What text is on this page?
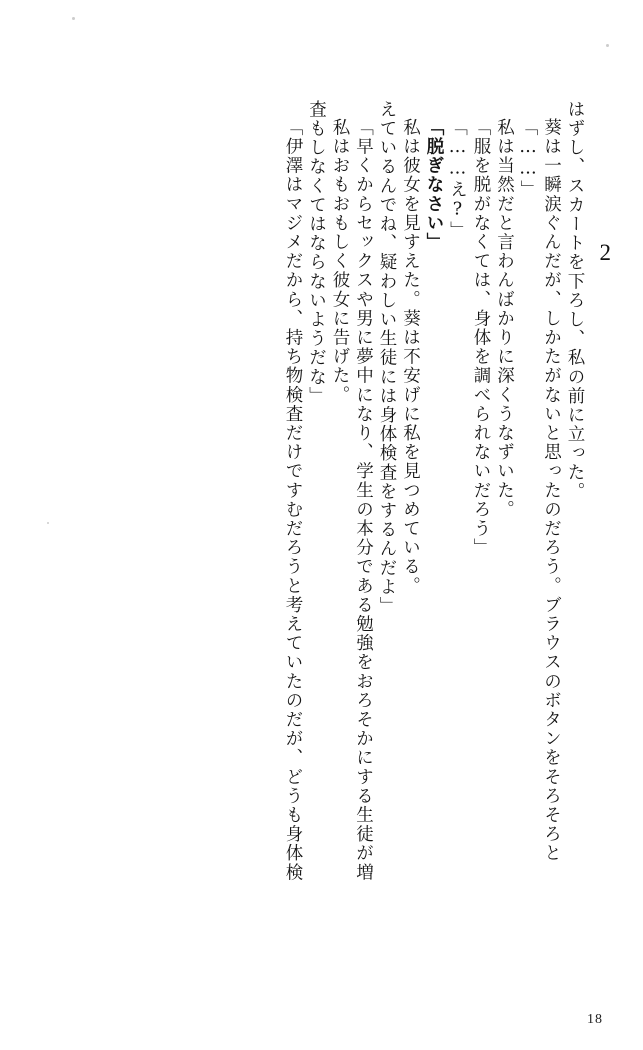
2
「伊澤はマジメだから、持ち物検査だけですむだろうと考えていたのだが、どうも身体検 査もしなくてはならないようだな」 私はおもおもしく彼女に告げた。 「早くからセックスや男に夢中になり、学生の本分である勉強をおろそかにする生徒が増 えているんでね、疑わしい生徒には身体検査をするんだよ」 私は彼女を見すえた。葵は不安げに私を見つめている。 「脱ぎなさい」 「……え?」 「服を脱がなくては、身体を調べられないだろう」 私は当然だと言わんばかりに深くうなずいた。 「……」 葵は一瞬涙ぐんだが、しかたがないと思ったのだろう。ブラウスのボタンをそろそろと はずし、スカートを下ろし、私の前に立った。
18
